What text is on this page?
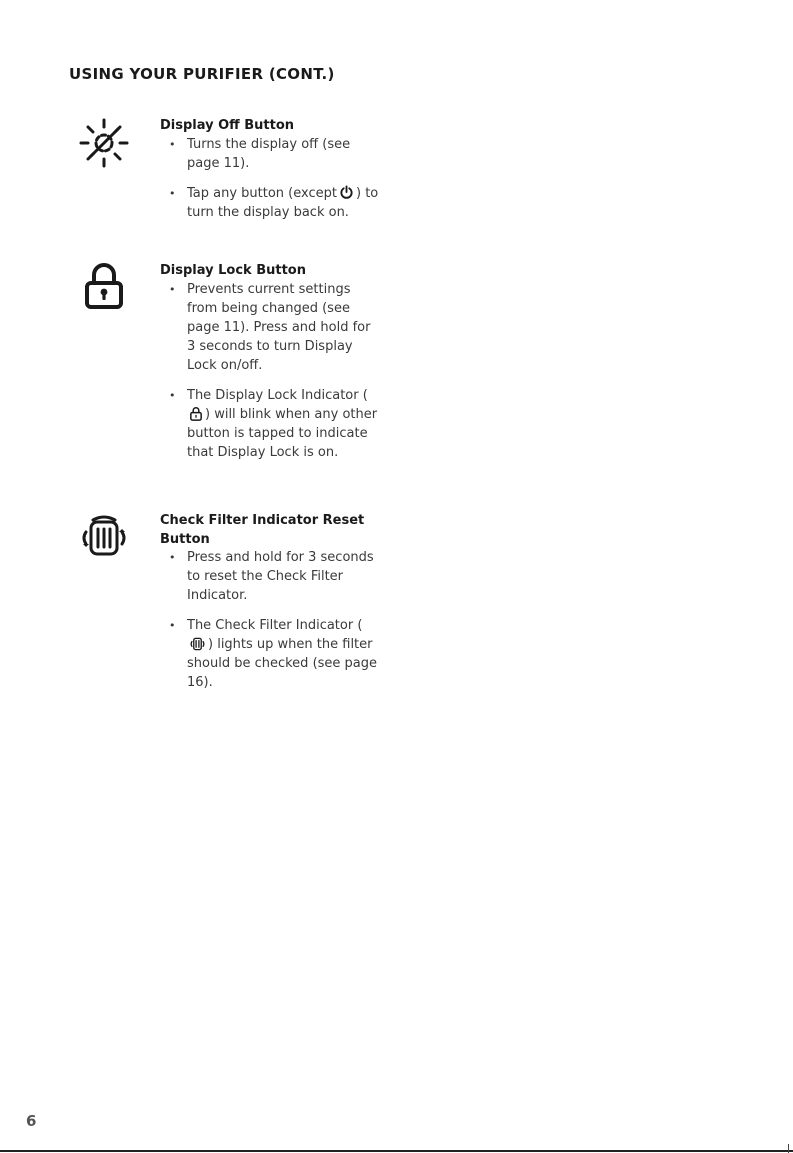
USING YOUR PURIFIER (CONT.)
Display Off Button
• Turns the display off (see page 11).
• Tap any button (except ) to turn the display back on.
Display Lock Button
• Prevents current settings from being changed (see page 11). Press and hold for 3 seconds to turn Display Lock on/off.
• The Display Lock Indicator (
) will blink when any other button is tapped to indicate that Display Lock is on.
Check Filter Indicator Reset Button
• Press and hold for 3 seconds to reset the Check Filter Indicator.
• The Check Filter Indicator (
) lights up when the filter should be checked (see page 16).
6
